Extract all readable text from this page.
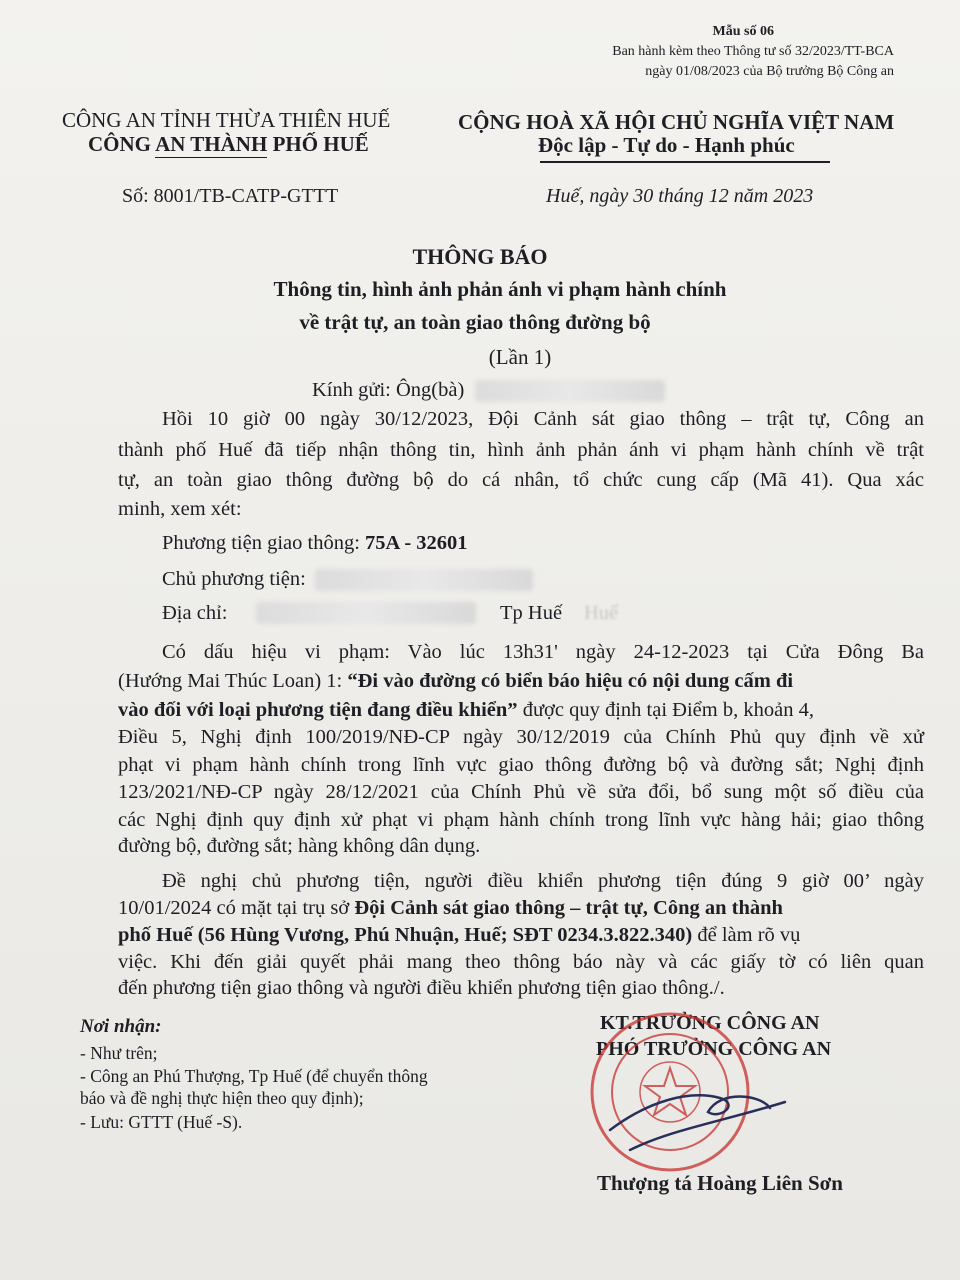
Mẫu số 06
Ban hành kèm theo Thông tư số 32/2023/TT-BCA
ngày 01/08/2023 của Bộ trưởng Bộ Công an
CÔNG AN TỈNH THỪA THIÊN HUẾ
CÔNG AN THÀNH PHỐ HUẾ
CỘNG HOÀ XÃ HỘI CHỦ NGHĨA VIỆT NAM
Độc lập - Tự do - Hạnh phúc
Số: 8001/TB-CATP-GTTT	Huế, ngày 30 tháng 12 năm 2023
THÔNG BÁO
Thông tin, hình ảnh phản ánh vi phạm hành chính
về trật tự, an toàn giao thông đường bộ
(Lần 1)
Kính gửi: Ông(bà)
Hồi 10 giờ 00 ngày 30/12/2023, Đội Cảnh sát giao thông – trật tự, Công an
thành phố Huế đã tiếp nhận thông tin, hình ảnh phản ánh vi phạm hành chính về trật
tự, an toàn giao thông đường bộ do cá nhân, tổ chức cung cấp (Mã 41). Qua xác
minh, xem xét:
Phương tiện giao thông: 75A - 32601
Chủ phương tiện:
Địa chỉ:	Tp Huế Huế
Có dấu hiệu vi phạm: Vào lúc 13h31' ngày 24-12-2023 tại Cửa Đông Ba
(Hướng Mai Thúc Loan) 1: “Đi vào đường có biển báo hiệu có nội dung cấm đi
vào đối với loại phương tiện đang điều khiển” được quy định tại Điểm b, khoản 4,
Điều 5, Nghị định 100/2019/NĐ-CP ngày 30/12/2019 của Chính Phủ quy định về xử
phạt vi phạm hành chính trong lĩnh vực giao thông đường bộ và đường sắt; Nghị định
123/2021/NĐ-CP ngày 28/12/2021 của Chính Phủ về sửa đổi, bổ sung một số điều của
các Nghị định quy định xử phạt vi phạm hành chính trong lĩnh vực hàng hải; giao thông
đường bộ, đường sắt; hàng không dân dụng.
Đề nghị chủ phương tiện, người điều khiển phương tiện đúng 9 giờ 00’ ngày
10/01/2024 có mặt tại trụ sở Đội Cảnh sát giao thông – trật tự, Công an thành
phố Huế (56 Hùng Vương, Phú Nhuận, Huế; SĐT 0234.3.822.340) để làm rõ vụ
việc. Khi đến giải quyết phải mang theo thông báo này và các giấy tờ có liên quan
đến phương tiện giao thông và người điều khiển phương tiện giao thông./.
Nơi nhận:
- Như trên;
- Công an Phú Thượng, Tp Huế (để chuyển thông
báo và đề nghị thực hiện theo quy định);
- Lưu: GTTT (Huế -S).
KT.TRƯỞNG CÔNG AN
PHÓ TRƯỞNG CÔNG AN
Thượng tá Hoàng Liên Sơn
